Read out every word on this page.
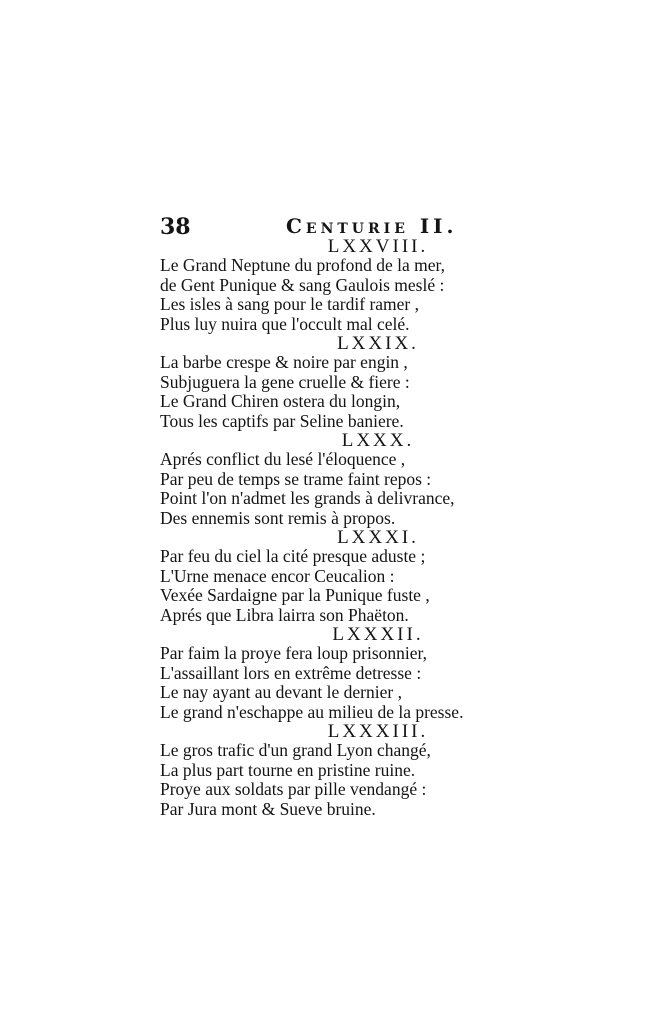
38	Centurie II.
LXXVIII.
Le Grand Neptune du profond de la mer,
de Gent Punique & sang Gaulois meslé :
Les isles à sang pour le tardif ramer ,
Plus luy nuira que l'occult mal celé.
LXXIX.
La barbe crespe & noire par engin ,
Subjuguera la gene cruelle & fiere :
Le Grand Chiren ostera du longin,
Tous les captifs par Seline baniere.
LXXX.
Aprés conflict du lesé l'éloquence ,
Par peu de temps se trame faint repos :
Point l'on n'admet les grands à delivrance,
Des ennemis sont remis à propos.
LXXXI.
Par feu du ciel la cité presque aduste ;
L'Urne menace encor Ceucalion :
Vexée Sardaigne par la Punique fuste ,
Aprés que Libra lairra son Phaëton.
LXXXII.
Par faim la proye fera loup prisonnier,
L'assaillant lors en extrême detresse :
Le nay ayant au devant le dernier ,
Le grand n'eschappe au milieu de la presse.
LXXXIII.
Le gros trafic d'un grand Lyon changé,
La plus part tourne en pristine ruine.
Proye aux soldats par pille vendangé :
Par Jura mont & Sueve bruine.
